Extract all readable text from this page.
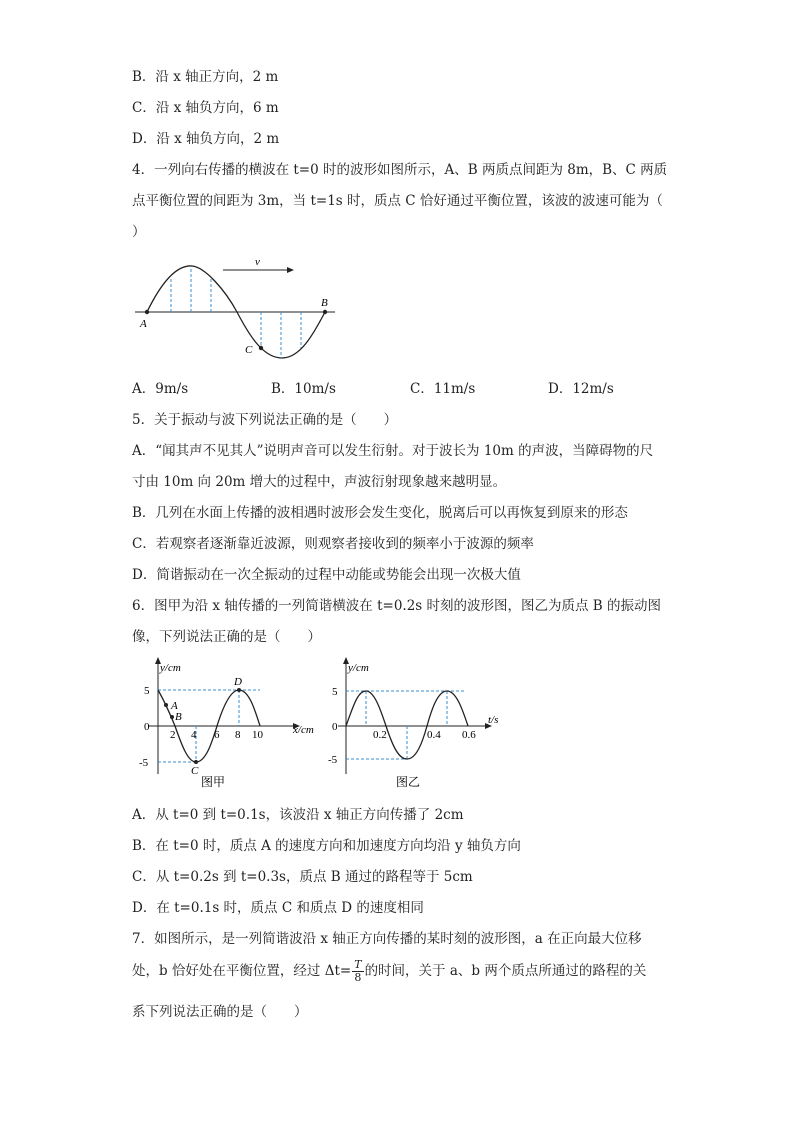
B．沿 x 轴正方向，2 m
C．沿 x 轴负方向，6 m
D．沿 x 轴负方向，2 m
4．一列向右传播的横波在 t=0 时的波形如图所示，A、B 两质点间距为 8m，B、C 两质
点平衡位置的间距为 3m，当 t=1s 时，质点 C 恰好通过平衡位置，该波的波速可能为（
）
v
A
B
C
A．9m/s	B．10m/s	C．11m/s	D．12m/s
5．关于振动与波下列说法正确的是（　　）
A．“闻其声不见其人”说明声音可以发生衍射。对于波长为 10m 的声波，当障碍物的尺
寸由 10m 向 20m 增大的过程中，声波衍射现象越来越明显。
B．几列在水面上传播的波相遇时波形会发生变化，脱离后可以再恢复到原来的形态
C．若观察者逐渐靠近波源，则观察者接收到的频率小于波源的频率
D．简谐振动在一次全振动的过程中动能或势能会出现一次极大值
6．图甲为沿 x 轴传播的一列简谐横波在 t=0.2s 时刻的波形图，图乙为质点 B 的振动图
像，下列说法正确的是（　　）
A
B
C
D
y/cm
x/cm
5
0
-5
2 4 6 8 10
图甲
y/cm
t/s
5
0
-5
0.2	0.4 0.6
图乙
A．从 t=0 到 t=0.1s，该波沿 x 轴正方向传播了 2cm
B．在 t=0 时，质点 A 的速度方向和加速度方向均沿 y 轴负方向
C．从 t=0.2s 到 t=0.3s，质点 B 通过的路程等于 5cm
D．在 t=0.1s 时，质点 C 和质点 D 的速度相同
7．如图所示，是一列简谐波沿 x 轴正方向传播的某时刻的波形图，a 在正向最大位移
处，b 恰好处在平衡位置，经过 $\Delta t= \frac{T}{8}$ 的时间，关于 a、b 两个质点所通过的路程的关
系下列说法正确的是（　　）
